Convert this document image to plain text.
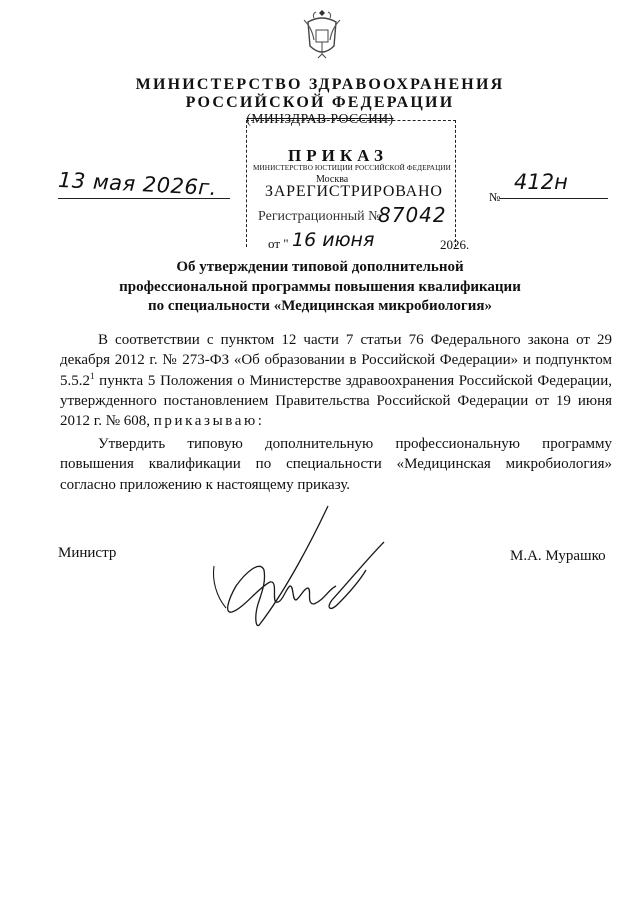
МИНИСТЕРСТВО ЗДРАВООХРАНЕНИЯ
РОССИЙСКОЙ ФЕДЕРАЦИИ
(МИНЗДРАВ РОССИИ)
ПРИКАЗ
МИНИСТЕРСТВО ЮСТИЦИИ РОССИЙСКОЙ ФЕДЕРАЦИИ
Москва
ЗАРЕГИСТРИРОВАНО
Регистрационный №
87042
от " 16 июня	2026.
13 мая 2026г.	№
412н
Об утверждении типовой дополнительной
профессиональной программы повышения квалификации
по специальности «Медицинская микробиология»
В соответствии с пунктом 12 части 7 статьи 76 Федерального закона от 29 декабря 2012 г. № 273-ФЗ «Об образовании в Российской Федерации» и подпунктом 5.5.2$^1$ пункта 5 Положения о Министерстве здравоохранения Российской Федерации, утвержденного постановлением Правительства Российской Федерации от 19 июня 2012 г. № 608, приказываю:
Утвердить типовую дополнительную профессиональную программу повышения квалификации по специальности «Медицинская микробиология» согласно приложению к настоящему приказу.
Министр	М.А. Мурашко
